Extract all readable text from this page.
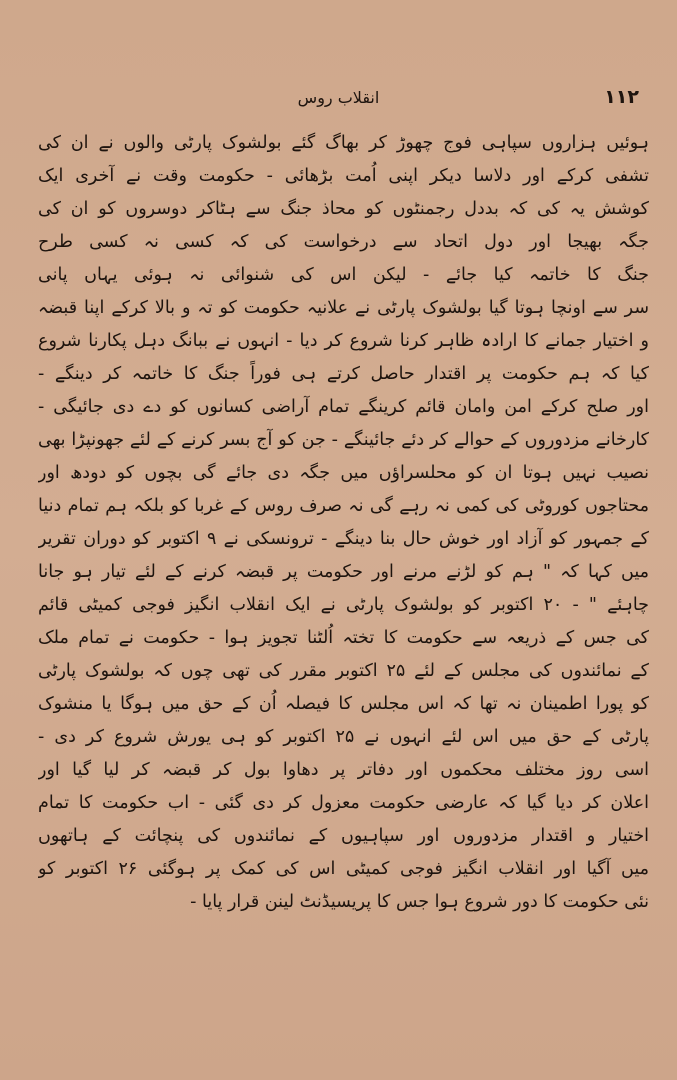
۱۱۲
انقلاب روس
ہوئیں ہزاروں سپاہی فوج چھوڑ کر بھاگ گئے بولشوک پارٹی والوں نے ان کی
تشفی کرکے اور دلاسا دیکر اپنی اُمت بڑھائی - حکومت وقت نے آخری ایک
کوشش یہ کی کہ بددل رجمنٹوں کو محاذ جنگ سے ہٹاکر دوسروں کو ان کی
جگہ بھیجا اور دول اتحاد سے درخواست کی کہ کسی نہ کسی طرح
جنگ کا خاتمہ کیا جائے - لیکن اس کی شنوائی نہ ہوئی یہاں پانی
سر سے اونچا ہوتا گیا بولشوک پارٹی نے علانیہ حکومت کو تہ و بالا کرکے اپنا قبضہ
و اختیار جمانے کا ارادہ ظاہر کرنا شروع کر دیا - انہوں نے ببانگ دہل پکارنا شروع
کیا کہ ہم حکومت پر اقتدار حاصل کرتے ہی فوراً جنگ کا خاتمہ کر دینگے -
اور صلح کرکے امن وامان قائم کرینگے تمام آراضی کسانوں کو دے دی جائیگی -
کارخانے مزدوروں کے حوالے کر دئے جائینگے - جن کو آج بسر کرنے کے لئے جھونپڑا بھی
نصیب نہیں ہوتا ان کو محلسراؤں میں جگہ دی جائے گی بچوں کو دودھ اور
محتاجوں کوروٹی کی کمی نہ رہے گی نہ صرف روس کے غربا کو بلکہ ہم تمام دنیا
کے جمہور کو آزاد اور خوش حال بنا دینگے - ترونسکی نے ۹ اکتوبر کو دوران تقریر
میں کہا کہ " ہم کو لڑنے مرنے اور حکومت پر قبضہ کرنے کے لئے تیار ہو جانا
چاہئے " - ۲۰ اکتوبر کو بولشوک پارٹی نے ایک انقلاب انگیز فوجی کمیٹی قائم
کی جس کے ذریعہ سے حکومت کا تختہ اُلٹنا تجویز ہوا - حکومت نے تمام ملک
کے نمائندوں کی مجلس کے لئے ۲۵ اکتوبر مقرر کی تھی چوں کہ بولشوک پارٹی
کو پورا اطمینان نہ تھا کہ اس مجلس کا فیصلہ اُن کے حق میں ہوگا یا منشوک
پارٹی کے حق میں اس لئے انہوں نے ۲۵ اکتوبر کو ہی یورش شروع کر دی -
اسی روز مختلف محکموں اور دفاتر پر دھاوا بول کر قبضہ کر لیا گیا اور
اعلان کر دیا گیا کہ عارضی حکومت معزول کر دی گئی - اب حکومت کا تمام
اختیار و اقتدار مزدوروں اور سپاہیوں کے نمائندوں کی پنچائت کے ہاتھوں
میں آگیا اور انقلاب انگیز فوجی کمیٹی اس کی کمک پر ہوگئی ۲۶ اکتوبر کو
نئی حکومت کا دور شروع ہوا جس کا پریسیڈنٹ لینن قرار پایا -
